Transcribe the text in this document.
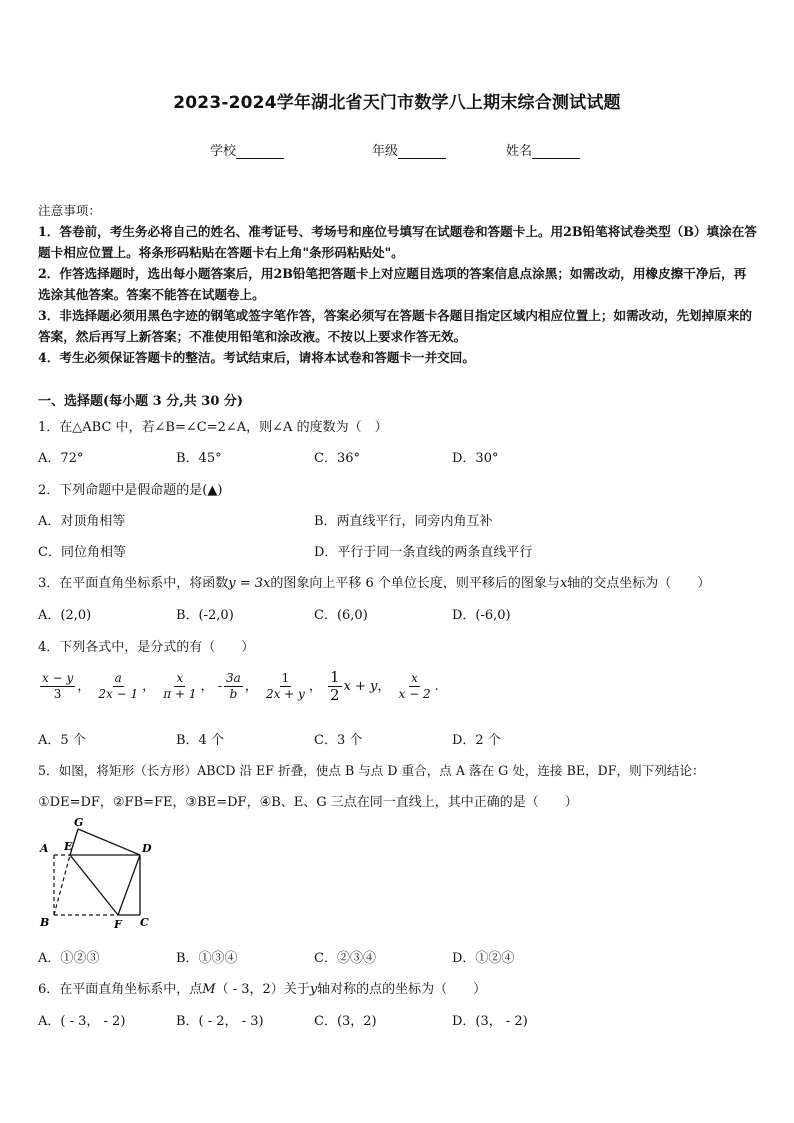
2023-2024学年湖北省天门市数学八上期末综合测试试题
学校	年级	姓名
注意事项：
1．答卷前，考生务必将自己的姓名、准考证号、考场号和座位号填写在试题卷和答题卡上。用2B铅笔将试卷类型（B）填涂在答题卡相应位置上。将条形码粘贴在答题卡右上角"条形码粘贴处"。
2．作答选择题时，选出每小题答案后，用2B铅笔把答题卡上对应题目选项的答案信息点涂黑；如需改动，用橡皮擦干净后，再选涂其他答案。答案不能答在试题卷上。
3．非选择题必须用黑色字迹的钢笔或签字笔作答，答案必须写在答题卡各题目指定区域内相应位置上；如需改动，先划掉原来的答案，然后再写上新答案；不准使用铅笔和涂改液。不按以上要求作答无效。
4．考生必须保证答题卡的整洁。考试结束后，请将本试卷和答题卡一并交回。
一、选择题(每小题 3 分,共 30 分)
1．在△ABC 中，若∠B=∠C=2∠A，则∠A 的度数为（　）
A．72°	B．45°	C．36°	D．30°
2．下列命题中是假命题的是(▲)
A．对顶角相等	B．两直线平行，同旁内角互补
C．同位角相等	D．平行于同一条直线的两条直线平行
3．在平面直角坐标系中，将函数y = 3x的图象向上平移 6 个单位长度，则平移后的图象与x轴的交点坐标为（　　）
A．(2,0)	B．(-2,0)	C．(6,0)	D．(-6,0)
4．下列各式中，是分式的有（　　）
$\frac{x - y}{3}$ ， $\frac{a}{2x - 1}$ ， $\frac{x}{\pi + 1}$ ， - $\frac{3a}{b}$ ， $\frac{1}{2x + y}$ ， $\frac{1}{2}$ x + y， $\frac{x}{x - 2}$ .
A．5 个	B．4 个	C．3 个	D．2 个
5．如图，将矩形（长方形）ABCD 沿 EF 折叠，使点 B 与点 D 重合，点 A 落在 G 处，连接 BE，DF，则下列结论：
①DE=DF，②FB=FE，③BE=DF，④B、E、G 三点在同一直线上，其中正确的是（　　）
G
A E	D
B	F C
A．①②③	B．①③④	C．②③④	D．①②④
6．在平面直角坐标系中，点M（ - 3，2）关于y轴对称的点的坐标为（　　）
A．( - 3， - 2)	B．( - 2， - 3)	C．(3，2)	D．(3， - 2)
